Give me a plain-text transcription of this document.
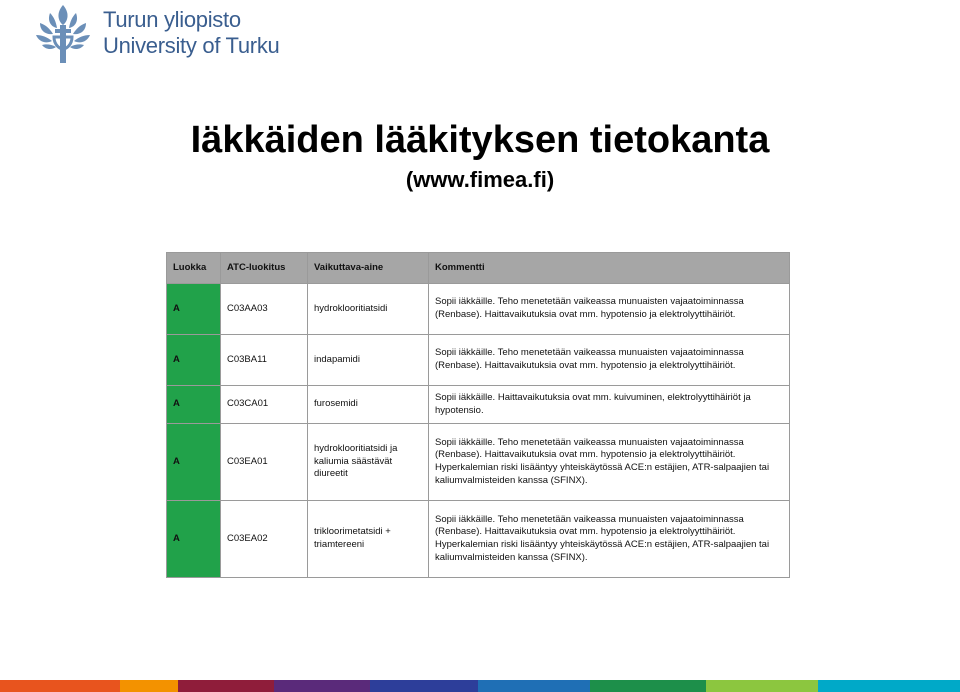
Turun yliopisto
University of Turku
Iäkkäiden lääkityksen tietokanta
(www.fimea.fi)
Luokka	ATC-luokitus	Vaikuttava-aine	Kommentti
A	C03AA03	hydroklooritiatsidi	Sopii iäkkäille. Teho menetetään vaikeassa munuaisten vajaatoiminnassa (Renbase). Haittavaikutuksia ovat mm. hypotensio ja elektrolyyttihäiriöt.
A	C03BA11	indapamidi	Sopii iäkkäille. Teho menetetään vaikeassa munuaisten vajaatoiminnassa (Renbase). Haittavaikutuksia ovat mm. hypotensio ja elektrolyyttihäiriöt.
A	C03CA01	furosemidi	Sopii iäkkäille. Haittavaikutuksia ovat mm. kuivuminen, elektrolyyttihäiriöt ja hypotensio.
A	C03EA01	hydroklooritiatsidi ja kaliumia säästävät diureetit	Sopii iäkkäille. Teho menetetään vaikeassa munuaisten vajaatoiminnassa (Renbase). Haittavaikutuksia ovat mm. hypotensio ja elektrolyyttihäiriöt. Hyperkalemian riski lisääntyy yhteiskäytössä ACE:n estäjien, ATR-salpaajien tai kaliumvalmisteiden kanssa (SFINX).
A	C03EA02	trikloorimetatsidi + triamtereeni	Sopii iäkkäille. Teho menetetään vaikeassa munuaisten vajaatoiminnassa (Renbase). Haittavaikutuksia ovat mm. hypotensio ja elektrolyyttihäiriöt. Hyperkalemian riski lisääntyy yhteiskäytössä ACE:n estäjien, ATR-salpaajien tai kaliumvalmisteiden kanssa (SFINX).
